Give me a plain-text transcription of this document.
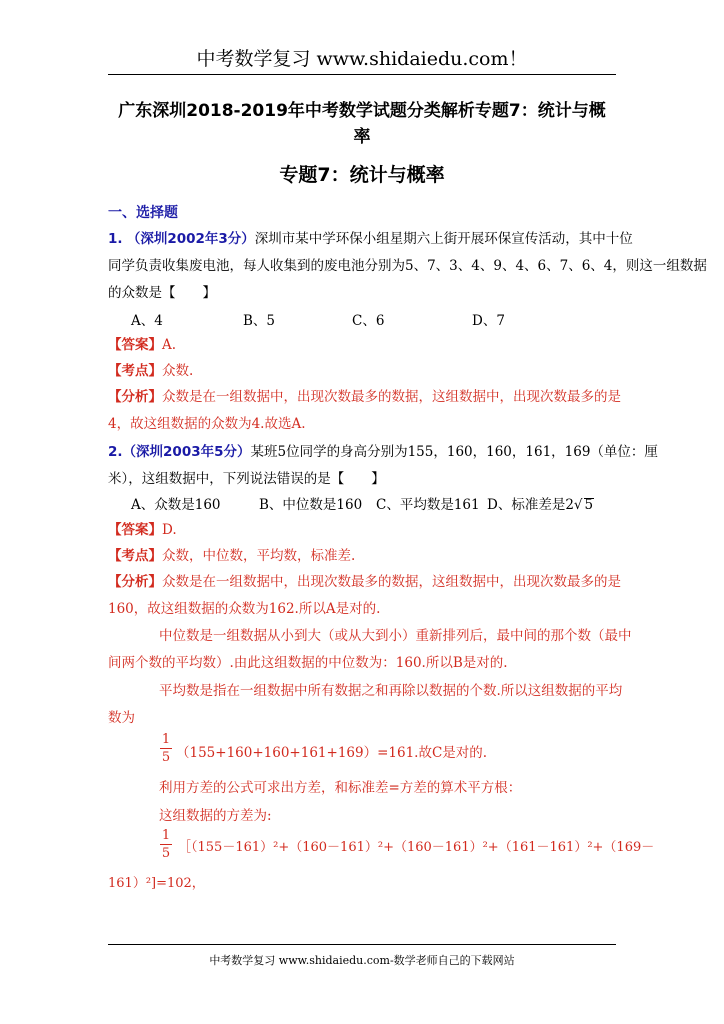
中考数学复习 www.shidaiedu.com！
广东深圳2018-2019年中考数学试题分类解析专题7：统计与概
率
专题7：统计与概率
一、选择题
1. （深圳2002年3分）深圳市某中学环保小组星期六上街开展环保宣传活动，其中十位
同学负责收集废电池，每人收集到的废电池分别为5、7、3、4、9、4、6、7、6、4，则这一组数据
的众数是【　　】
A、4	B、5	C、6	D、7
【答案】A.
【考点】众数.
【分析】众数是在一组数据中，出现次数最多的数据，这组数据中，出现次数最多的是
4，故这组数据的众数为4.故选A.
2.（深圳2003年5分）某班5位同学的身高分别为155，160，160，161，169（单位：厘
米），这组数据中，下列说法错误的是【　　】
A、众数是160	B、中位数是160 C、平均数是161 D、标准差是2√ 5
【答案】D.
【考点】众数，中位数，平均数，标准差.
【分析】众数是在一组数据中，出现次数最多的数据，这组数据中，出现次数最多的是
160，故这组数据的众数为162.所以A是对的.
中位数是一组数据从小到大（或从大到小）重新排列后，最中间的那个数（最中
间两个数的平均数）.由此这组数据的中位数为：160.所以B是对的.
平均数是指在一组数据中所有数据之和再除以数据的个数.所以这组数据的平均
数为
1
5 （155+160+160+161+169）=161.故C是对的.
利用方差的公式可求出方差，和标准差=方差的算术平方根：
这组数据的方差为:
1
5 ［（155－161）²+（160－161）²+（160－161）²+（161－161）²+（169－
161）²]=102，
中考数学复习 www.shidaiedu.com-数学老师自己的下载网站
